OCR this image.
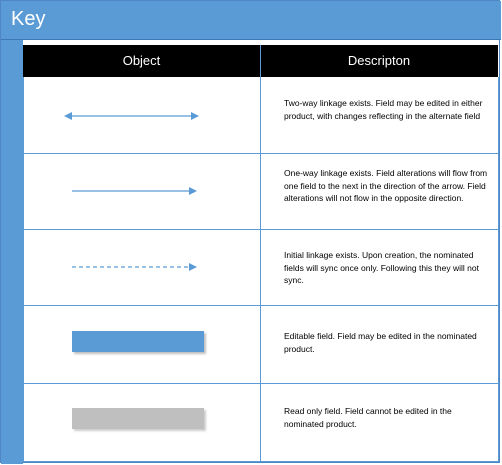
Key
Object	Descripton
Two-way linkage exists. Field may be edited in either product, with changes reflecting in the alternate field
One-way linkage exists. Field alterations will flow from one field to the next in the direction of the arrow. Field alterations will not flow in the opposite direction.
Initial linkage exists. Upon creation, the nominated fields will sync once only. Following this they will not sync.
Editable field. Field may be edited in the nominated product.
Read only field. Field cannot be edited in the nominated product.
